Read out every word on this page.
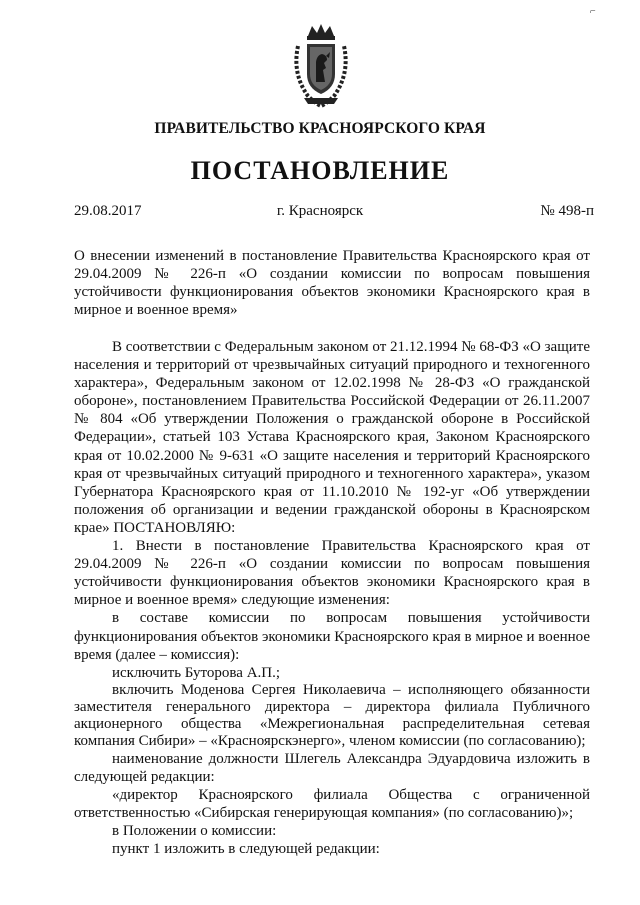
⌐
ПРАВИТЕЛЬСТВО КРАСНОЯРСКОГО КРАЯ
ПОСТАНОВЛЕНИЕ
29.08.2017	г. Красноярск	№ 498-п
О внесении изменений в постановление Правительства Красноярского края от 29.04.2009 № 226-п «О создании комиссии по вопросам повышения устойчивости функционирования объектов экономики Красноярского края в мирное и военное время»

В соответствии с Федеральным законом от 21.12.1994 № 68-ФЗ «О защите населения и территорий от чрезвычайных ситуаций природного и техногенного характера», Федеральным законом от 12.02.1998 № 28-ФЗ «О гражданской обороне», постановлением Правительства Российской Федерации от 26.11.2007 № 804 «Об утверждении Положения о гражданской обороне в Российской Федерации», статьей 103 Устава Красноярского края, Законом Красноярского края от 10.02.2000 № 9-631 «О защите населения и территорий Красноярского края от чрезвычайных ситуаций природного и техногенного характера», указом Губернатора Красноярского края от 11.10.2010 № 192-уг «Об утверждении положения об организации и ведении гражданской обороны в Красноярском крае» ПОСТАНОВЛЯЮ:

1. Внести в постановление Правительства Красноярского края от 29.04.2009 № 226-п «О создании комиссии по вопросам повышения устойчивости функционирования объектов экономики Красноярского края в мирное и военное время» следующие изменения:

в составе комиссии по вопросам повышения устойчивости функционирования объектов экономики Красноярского края в мирное и военное время (далее – комиссия):

исключить Буторова А.П.;

включить Моденова Сергея Николаевича – исполняющего обязанности заместителя генерального директора – директора филиала Публичного акционерного общества «Межрегиональная распределительная сетевая компания Сибири» – «Красноярскэнерго», членом комиссии (по согласованию);

наименование должности Шлегель Александра Эдуардовича изложить в следующей редакции:

«директор Красноярского филиала Общества с ограниченной ответственностью «Сибирская генерирующая компания» (по согласованию)»;

в Положении о комиссии:

пункт 1 изложить в следующей редакции:
